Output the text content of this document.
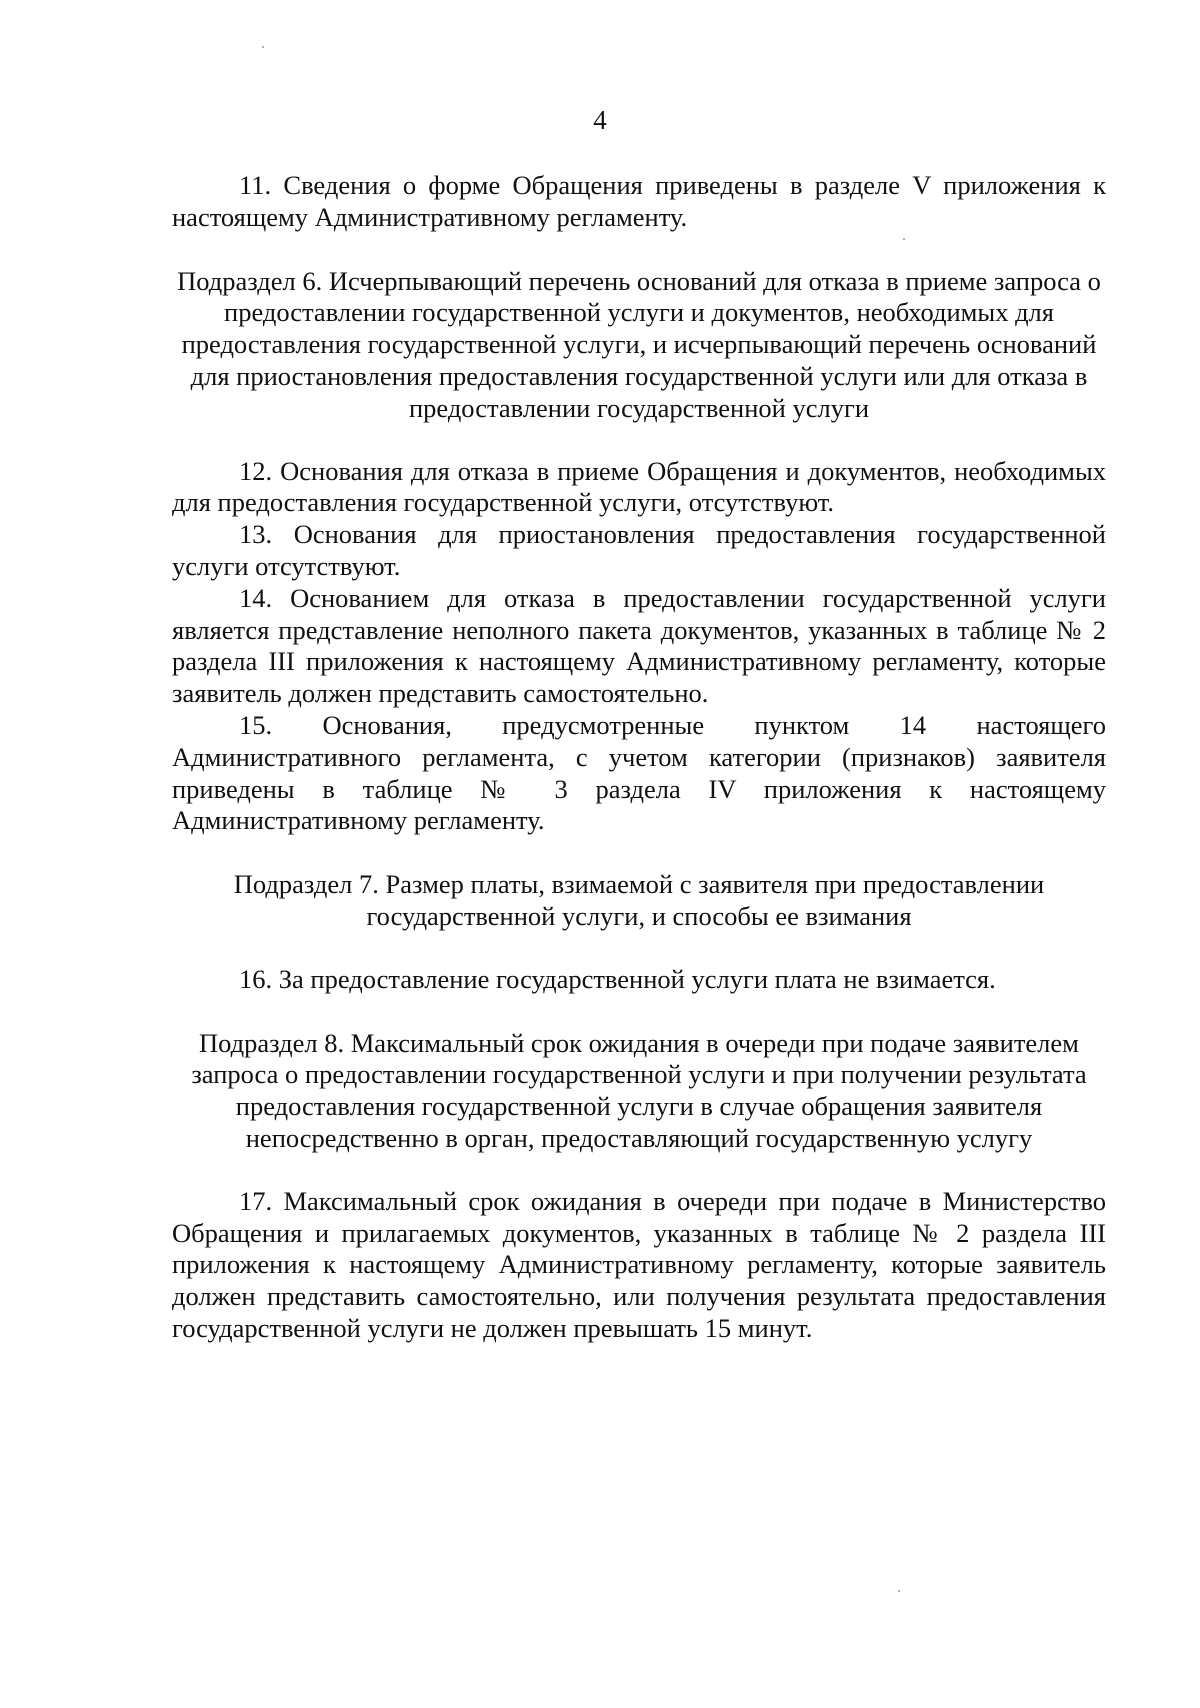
4

11. Сведения о форме Обращения приведены в разделе V приложения к настоящему Административному регламенту.

Подраздел 6. Исчерпывающий перечень оснований для отказа в приеме запроса о предоставлении государственной услуги и документов, необходимых для предоставления государственной услуги, и исчерпывающий перечень оснований для приостановления предоставления государственной услуги или для отказа в предоставлении государственной услуги

12. Основания для отказа в приеме Обращения и документов, необходимых для предоставления государственной услуги, отсутствуют.

13. Основания для приостановления предоставления государственной услуги отсутствуют.

14. Основанием для отказа в предоставлении государственной услуги является представление неполного пакета документов, указанных в таблице № 2 раздела III приложения к настоящему Административному регламенту, которые заявитель должен представить самостоятельно.

15. Основания, предусмотренные пунктом 14 настоящего Административного регламента, с учетом категории (признаков) заявителя приведены в таблице № 3 раздела IV приложения к настоящему Административному регламенту.

Подраздел 7. Размер платы, взимаемой с заявителя при предоставлении государственной услуги, и способы ее взимания

16. За предоставление государственной услуги плата не взимается.

Подраздел 8. Максимальный срок ожидания в очереди при подаче заявителем запроса о предоставлении государственной услуги и при получении результата предоставления государственной услуги в случае обращения заявителя непосредственно в орган, предоставляющий государственную услугу

17. Максимальный срок ожидания в очереди при подаче в Министерство Обращения и прилагаемых документов, указанных в таблице № 2 раздела III приложения к настоящему Административному регламенту, которые заявитель должен представить самостоятельно, или получения результата предоставления государственной услуги не должен превышать 15 минут.
